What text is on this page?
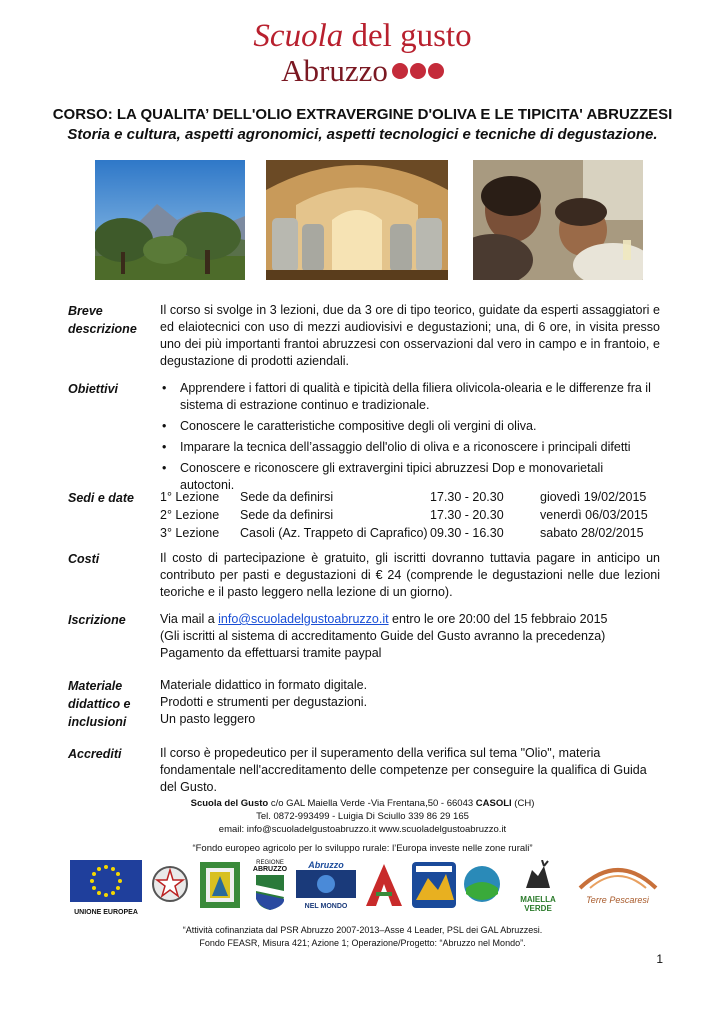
Scuola del gusto
Abruzzo
CORSO: LA QUALITA’ DELL'OLIO EXTRAVERGINE D'OLIVA E LE TIPICITA' ABRUZZESI
Storia e cultura, aspetti agronomici, aspetti tecnologici e tecniche di degustazione.
Breve
descrizione
Il corso si svolge in 3 lezioni, due da 3 ore di tipo teorico, guidate da esperti assaggiatori e ed elaiotecnici con uso di mezzi audiovisivi e degustazioni; una, di 6 ore, in visita presso uno dei più importanti frantoi abruzzesi con osservazioni dal vero in campo e in frantoio, e degustazione di prodotti aziendali.
Obiettivi	• Apprendere i fattori di qualità e tipicità della filiera olivicola-olearia e le differenze fra il sistema di estrazione continuo e tradizionale.
• Conoscere le caratteristiche compositive degli oli vergini di oliva.
• Imparare la tecnica dell’assaggio dell'olio di oliva e a riconoscere i principali difetti
• Conoscere e riconoscere gli extravergini tipici abruzzesi Dop e monovarietali autoctoni.
Sedi e date	1° Lezione	Sede da definirsi	17.30 - 20.30	giovedì 19/02/2015
2° Lezione	Sede da definirsi	17.30 - 20.30	venerdì 06/03/2015
3° Lezione	Casoli (Az. Trappeto di Caprafico)	09.30 - 16.30	sabato 28/02/2015
Costi	Il costo di partecipazione è gratuito, gli iscritti dovranno tuttavia pagare in anticipo un contributo per pasti e degustazioni di € 24 (comprende le degustazioni nelle due lezioni teoriche e il pasto leggero nella lezione di un giorno).
Iscrizione	Via mail a info@scuoladelgustoabruzzo.it entro le ore 20:00 del 15 febbraio 2015
(Gli iscritti al sistema di accreditamento Guide del Gusto avranno la precedenza)
Pagamento da effettuarsi tramite paypal
Materiale
didattico e
inclusioni
Materiale didattico in formato digitale.
Prodotti e strumenti per degustazioni.
Un pasto leggero
Accrediti	Il corso è propedeutico per il superamento della verifica sul tema "Olio", materia fondamentale nell'accreditamento delle competenze per conseguire la qualifica di Guida del Gusto.
Scuola del Gusto c/o GAL Maiella Verde -Via Frentana,50 - 66043 CASOLI (CH)
Tel. 0872-993499 - Luigia Di Sciullo 339 86 29 165
email: info@scuoladelgustoabruzzo.it www.scuoladelgustoabruzzo.it
“Fondo europeo agricolo per lo sviluppo rurale: l’Europa investe nelle zone rurali”
UNIONE EUROPEA
REGIONE
ABRUZZO	Abruzzo
NEL MONDO
MAIELLA
VERDE
Terre Pescaresi
“Attività cofinanziata dal PSR Abruzzo 2007-2013–Asse 4 Leader, PSL dei GAL Abruzzesi.
Fondo FEASR, Misura 421; Azione 1; Operazione/Progetto: “Abruzzo nel Mondo”.
1
